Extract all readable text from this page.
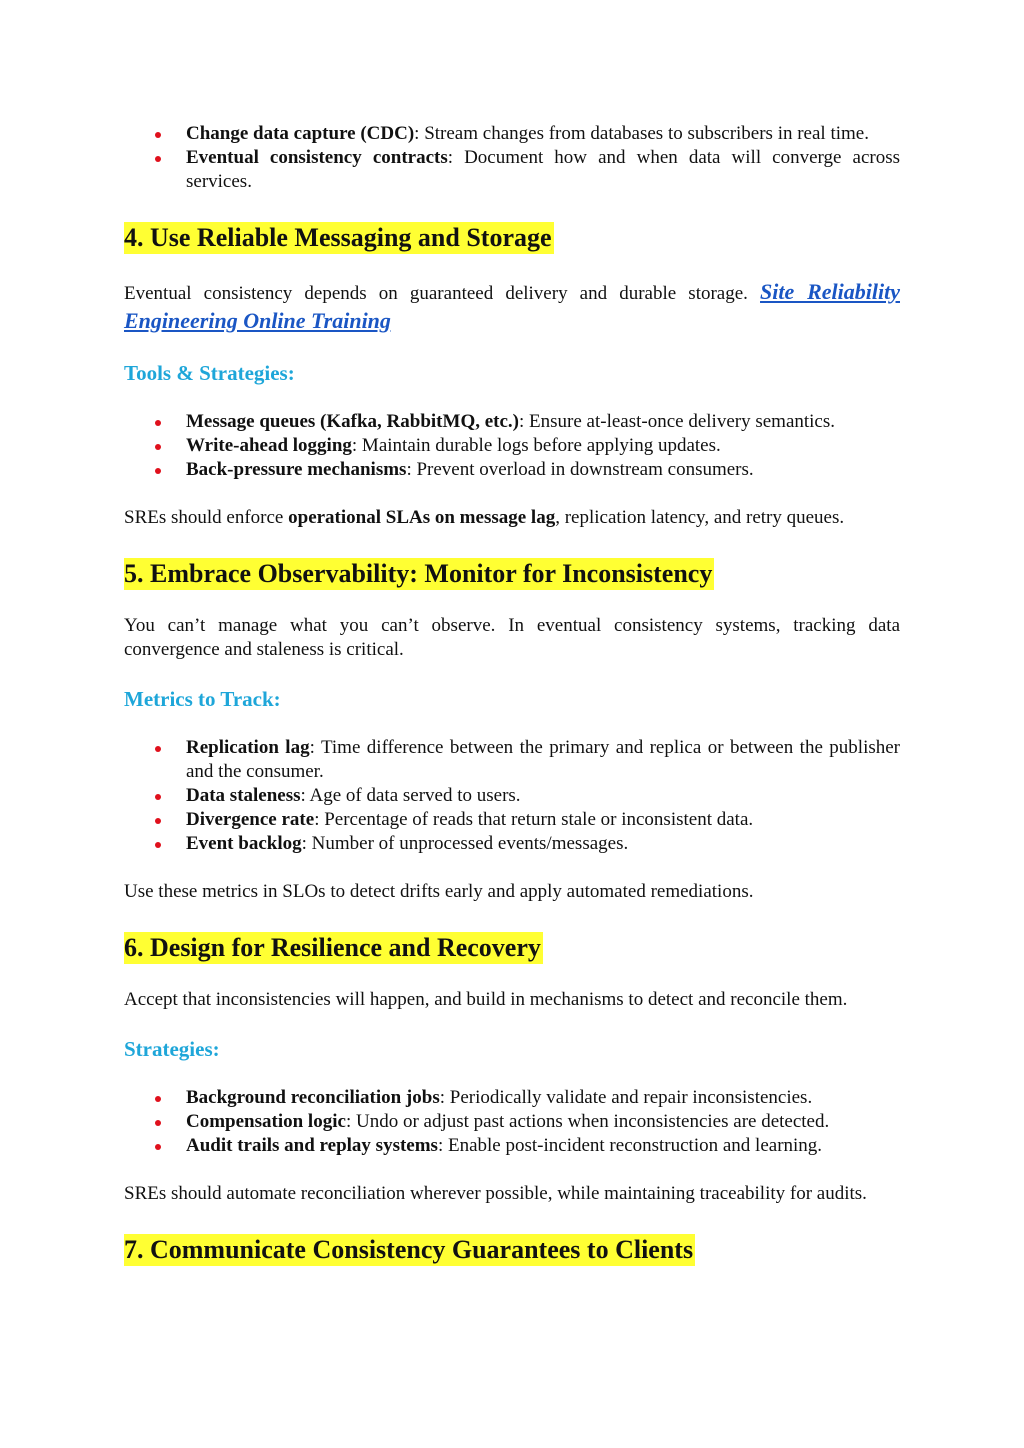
Change data capture (CDC): Stream changes from databases to subscribers in real time.
Eventual consistency contracts: Document how and when data will converge across services.
4. Use Reliable Messaging and Storage

Eventual consistency depends on guaranteed delivery and durable storage. Site Reliability Engineering Online Training

Tools & Strategies:
Message queues (Kafka, RabbitMQ, etc.): Ensure at-least-once delivery semantics.
Write-ahead logging: Maintain durable logs before applying updates.
Back-pressure mechanisms: Prevent overload in downstream consumers.

SREs should enforce operational SLAs on message lag, replication latency, and retry queues.

5. Embrace Observability: Monitor for Inconsistency

You can’t manage what you can’t observe. In eventual consistency systems, tracking data convergence and staleness is critical.

Metrics to Track:
Replication lag: Time difference between the primary and replica or between the publisher and the consumer.
Data staleness: Age of data served to users.
Divergence rate: Percentage of reads that return stale or inconsistent data.
Event backlog: Number of unprocessed events/messages.

Use these metrics in SLOs to detect drifts early and apply automated remediations.

6. Design for Resilience and Recovery

Accept that inconsistencies will happen, and build in mechanisms to detect and reconcile them.

Strategies:
Background reconciliation jobs: Periodically validate and repair inconsistencies.
Compensation logic: Undo or adjust past actions when inconsistencies are detected.
Audit trails and replay systems: Enable post-incident reconstruction and learning.

SREs should automate reconciliation wherever possible, while maintaining traceability for audits.

7. Communicate Consistency Guarantees to Clients
